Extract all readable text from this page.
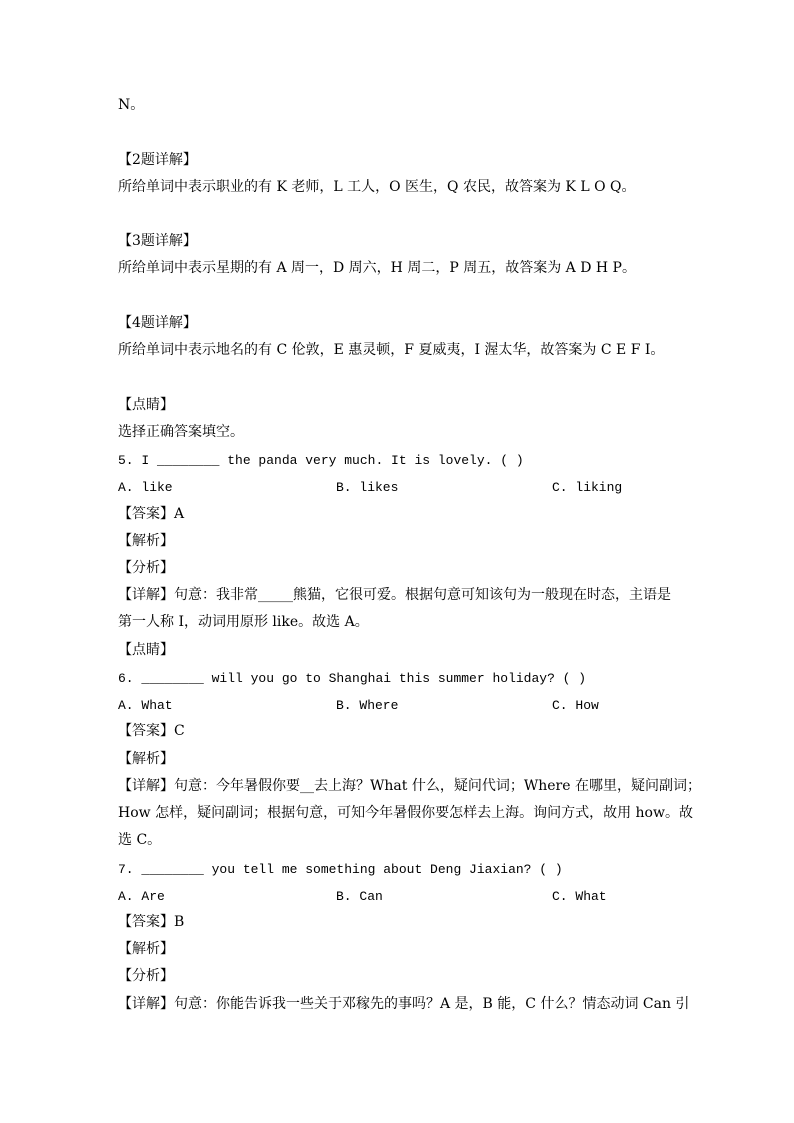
N。
【2题详解】
所给单词中表示职业的有 K 老师，L 工人，O 医生，Q 农民，故答案为 K L O Q。
【3题详解】
所给单词中表示星期的有 A 周一，D 周六，H 周二，P 周五，故答案为 A D H P。
【4题详解】
所给单词中表示地名的有 C 伦敦，E 惠灵顿，F 夏威夷，I 渥太华，故答案为 C E F I。
【点睛】
选择正确答案填空。
5. I ________ the panda very much. It is lovely. ( )
A. like	B. likes	C. liking
【答案】A
【解析】
【分析】
【详解】句意：我非常_____熊猫，它很可爱。根据句意可知该句为一般现在时态，主语是
第一人称 I，动词用原形 like。故选 A。
【点睛】
6. ________ will you go to Shanghai this summer holiday? ( )
A. What	B. Where	C. How
【答案】C
【解析】
【详解】句意：今年暑假你要__去上海？What 什么，疑问代词；Where 在哪里，疑问副词；
How 怎样，疑问副词；根据句意，可知今年暑假你要怎样去上海。询问方式，故用 how。故
选 C。
7. ________ you tell me something about Deng Jiaxian? ( )
A. Are	B. Can	C. What
【答案】B
【解析】
【分析】
【详解】句意：你能告诉我一些关于邓稼先的事吗？A 是，B 能，C 什么？情态动词 Can 引
